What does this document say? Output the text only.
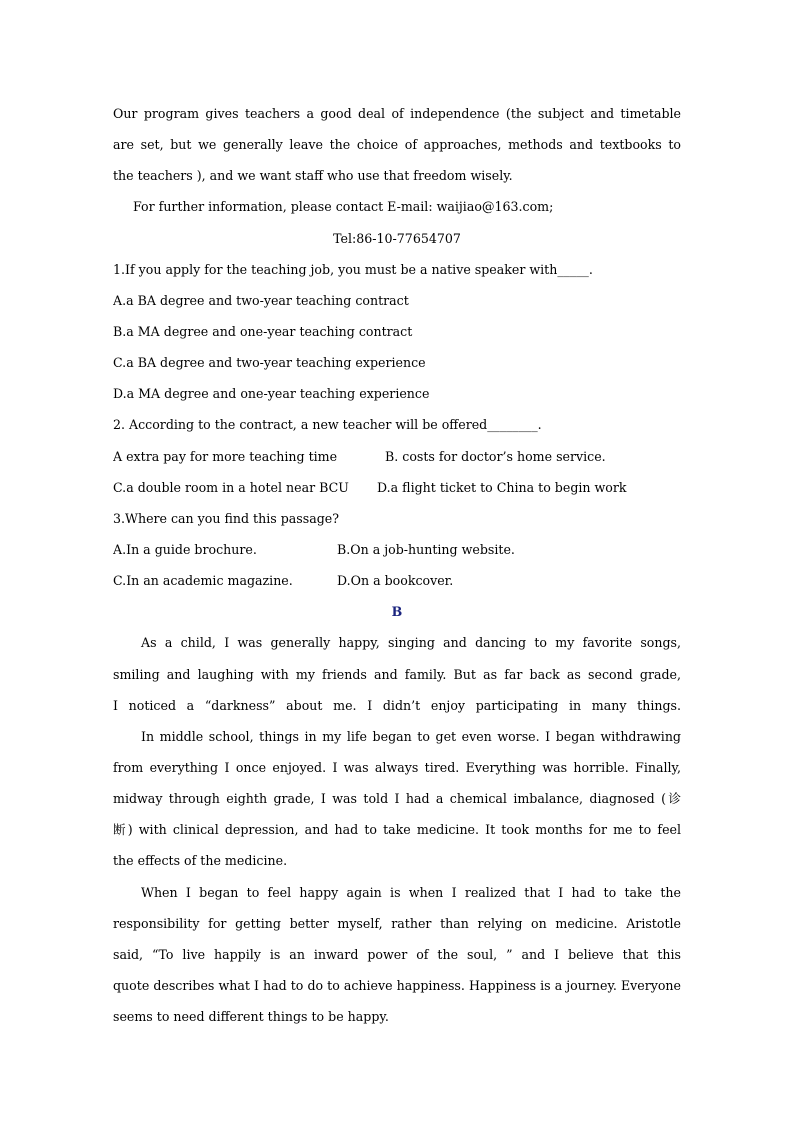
Our program gives teachers a good deal of independence (the subject and timetable
are set, but we generally leave the choice of approaches, methods and textbooks to
the teachers ), and we want staff who use that freedom wisely.
For further information, please contact E-mail: waijiao@163.com;
Tel:86-10-77654707
1.If you apply for the teaching job, you must be a native speaker with_____.
A.a BA degree and two-year teaching contract
B.a MA degree and one-year teaching contract
C.a BA degree and two-year teaching experience
D.a MA degree and one-year teaching experience
2. According to the contract, a new teacher will be offered________.
A extra pay for more teaching time	B. costs for doctor’s home service.
C.a double room in a hotel near BCU	D.a flight ticket to China to begin work
3.Where can you find this passage?
A.In a guide brochure.	B.On a job-hunting website.
C.In an academic magazine.	D.On a bookcover.
B
As a child, I was generally happy, singing and dancing to my favorite songs,
smiling and laughing with my friends and family. But as far back as second grade,
I noticed a “darkness” about me. I didn’t enjoy participating in many things.
In middle school, things in my life began to get even worse. I began withdrawing
from everything I once enjoyed. I was always tired. Everything was horrible. Finally,
midway through eighth grade, I was told I had a chemical imbalance, diagnosed (诊
断) with clinical depression, and had to take medicine. It took months for me to feel
the effects of the medicine.
When I began to feel happy again is when I realized that I had to take the
responsibility for getting better myself, rather than relying on medicine. Aristotle
said, “To live happily is an inward power of the soul, ” and I believe that this
quote describes what I had to do to achieve happiness. Happiness is a journey. Everyone
seems to need different things to be happy.
